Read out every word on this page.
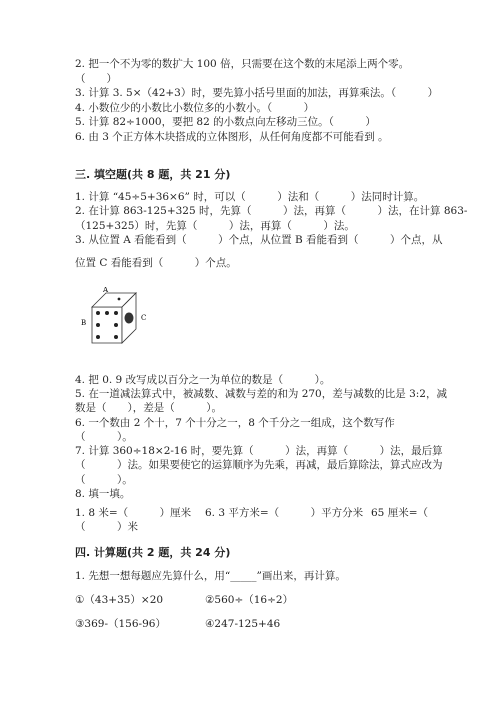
2. 把一个不为零的数扩大 100 倍，只需要在这个数的末尾添上两个零。
（　　）
3. 计算 3. 5×（42+3）时，要先算小括号里面的加法，再算乘法。（　　　）
4. 小数位少的小数比小数位多的小数小。（　　　）
5. 计算 82÷1000，要把 82 的小数点向左移动三位。（　　　）
6. 由 3 个正方体木块搭成的立体图形，从任何角度都不可能看到 。
三. 填空题(共 8 题，共 21 分)
1. 计算 “45÷5+36×6” 时，可以（　　　）法和（　　　）法同时计算。
2. 在计算 863-125+325 时，先算（　　　）法，再算（　　　）法，在计算 863-
（125+325）时，先算（　　　）法，再算（　　　）法。
3. 从位置 A 看能看到（　　　）个点，从位置 B 看能看到（　　　）个点，从
位置 C 看能看到（　　　）个点。
A
B
C
4. 把 0. 9 改写成以百分之一为单位的数是（　　　）。
5. 在一道减法算式中，被减数、减数与差的和为 270，差与减数的比是 3:2，减
数是（　　），差是（　　　）。
6. 一个数由 2 个十，7 个十分之一，8 个千分之一组成，这个数写作
（　　　）。
7. 计算 360÷18×2-16 时，要先算（　　　）法，再算（　　　）法，最后算
（　　　）法。如果要使它的运算顺序为先乘，再减，最后算除法，算式应改为
（　　　）。
8. 填一填。
1. 8 米=（　　　）厘米 6. 3 平方米=（　　　）平方分米 65 厘米=（
（　　　）米
四. 计算题(共 2 题，共 24 分)
1. 先想一想每题应先算什么，用“_____”画出来，再计算。
①（43+35）×20	②560÷（16÷2）
③369-（156-96）	④247-125+46
